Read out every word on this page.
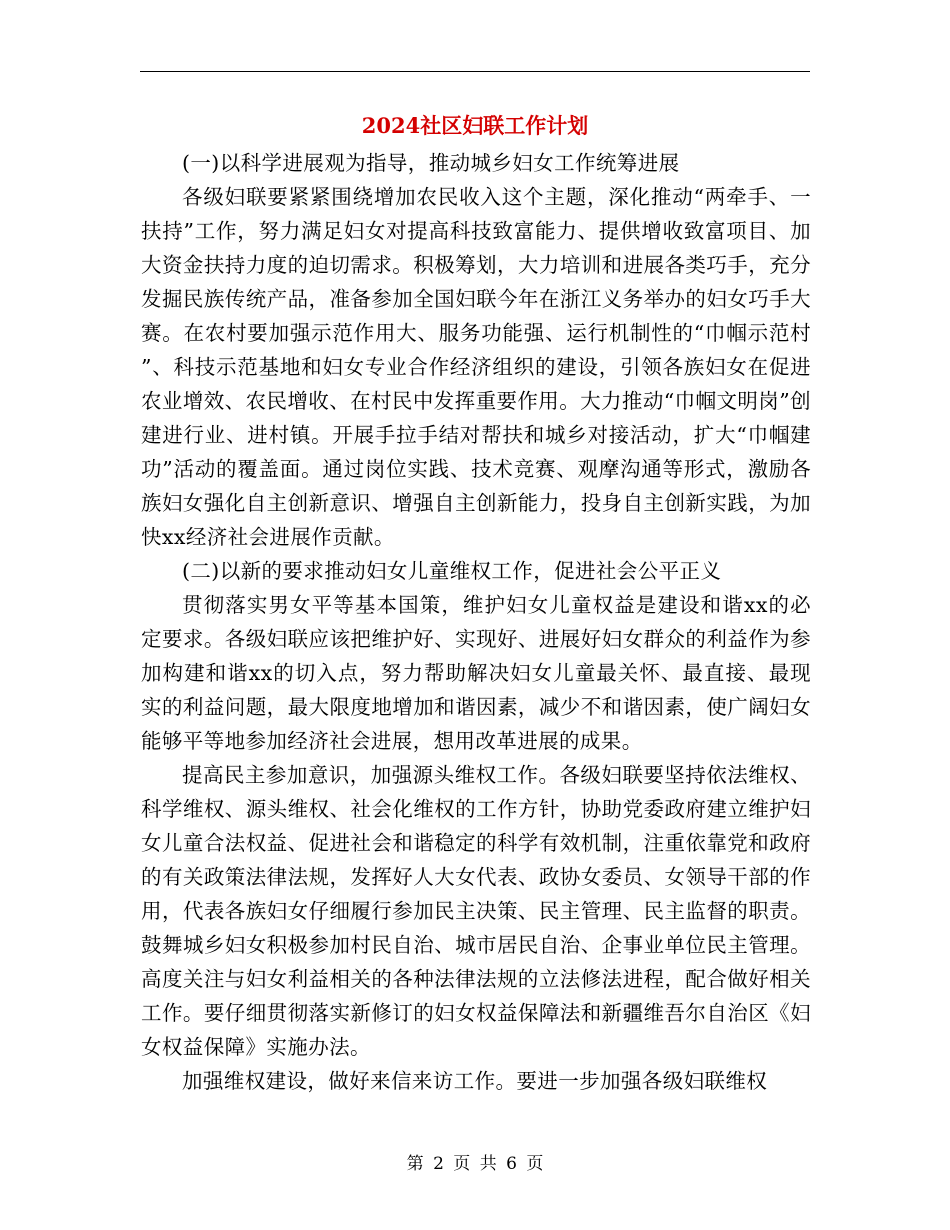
2024社区妇联工作计划

(一)以科学进展观为指导，推动城乡妇女工作统筹进展

各级妇联要紧紧围绕增加农民收入这个主题，深化推动“两牵手、一扶持”工作，努力满足妇女对提高科技致富能力、提供增收致富项目、加大资金扶持力度的迫切需求。积极筹划，大力培训和进展各类巧手，充分发掘民族传统产品，准备参加全国妇联今年在浙江义务举办的妇女巧手大赛。在农村要加强示范作用大、服务功能强、运行机制性的“巾帼示范村 ”、科技示范基地和妇女专业合作经济组织的建设，引领各族妇女在促进农业增效、农民增收、在村民中发挥重要作用。大力推动“巾帼文明岗”创建进行业、进村镇。开展手拉手结对帮扶和城乡对接活动，扩大“巾帼建功”活动的覆盖面。通过岗位实践、技术竞赛、观摩沟通等形式，激励各族妇女强化自主创新意识、增强自主创新能力，投身自主创新实践，为加快xx经济社会进展作贡献。

(二)以新的要求推动妇女儿童维权工作，促进社会公平正义

贯彻落实男女平等基本国策，维护妇女儿童权益是建设和谐xx的必定要求。各级妇联应该把维护好、实现好、进展好妇女群众的利益作为参加构建和谐xx的切入点，努力帮助解决妇女儿童最关怀、最直接、最现实的利益问题，最大限度地增加和谐因素，减少不和谐因素，使广阔妇女能够平等地参加经济社会进展，想用改革进展的成果。

提高民主参加意识，加强源头维权工作。各级妇联要坚持依法维权、科学维权、源头维权、社会化维权的工作方针，协助党委政府建立维护妇女儿童合法权益、促进社会和谐稳定的科学有效机制，注重依靠党和政府的有关政策法律法规，发挥好人大女代表、政协女委员、女领导干部的作用，代表各族妇女仔细履行参加民主决策、民主管理、民主监督的职责。鼓舞城乡妇女积极参加村民自治、城市居民自治、企事业单位民主管理。高度关注与妇女利益相关的各种法律法规的立法修法进程，配合做好相关工作。要仔细贯彻落实新修订的妇女权益保障法和新疆维吾尔自治区《妇女权益保障》实施办法。

加强维权建设，做好来信来访工作。要进一步加强各级妇联维权

第 2 页 共 6 页
